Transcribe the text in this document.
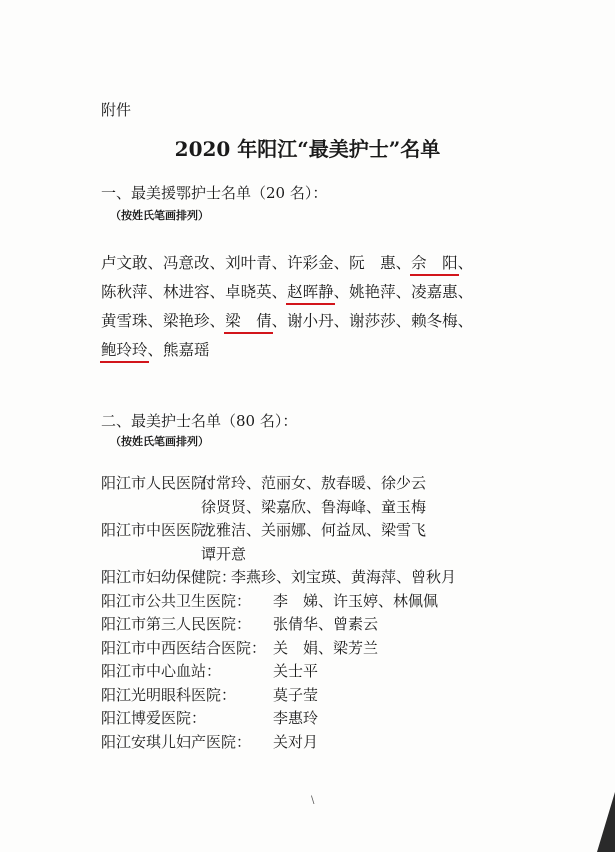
附件
2020 年阳江“最美护士”名单
一、最美援鄂护士名单（20 名）：
（按姓氏笔画排列）
卢文敢、冯意改、刘叶青、许彩金、阮　惠、佘　阳、
陈秋萍、林进容、卓晓英、赵晖静、姚艳萍、凌嘉惠、
黄雪珠、梁艳珍、梁　倩、谢小丹、谢莎莎、赖冬梅、
鲍玲玲、熊嘉瑶
二、最美护士名单（80 名）：
（按姓氏笔画排列）
阳江市人民医院：
付常玲、范丽女、敖春暖、徐少云
徐贤贤、梁嘉欣、鲁海峰、童玉梅
阳江市中医医院：
龙雅洁、关丽娜、何益凤、梁雪飞
谭开意
阳江市妇幼保健院：
李燕珍、刘宝瑛、黄海萍、曾秋月
阳江市公共卫生医院： 李　娣、许玉婷、林佩佩
阳江市第三人民医院： 张倩华、曾素云
阳江市中西医结合医院： 关　娟、梁芳兰
阳江市中心血站：	关士平
阳江光明眼科医院： 莫子莹
阳江博爱医院：	李惠玲
阳江安琪儿妇产医院： 关对月
\
